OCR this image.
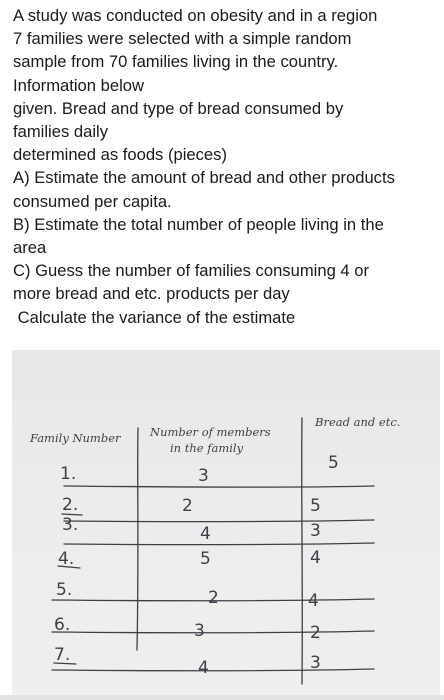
A study was conducted on obesity and in a region
7 families were selected with a simple random
sample from 70 families living in the country.
Information below
given. Bread and type of bread consumed by
families daily
determined as foods (pieces)
A) Estimate the amount of bread and other products
consumed per capita.
B) Estimate the total number of people living in the
area
C) Guess the number of families consuming 4 or
more bread and etc. products per day
Calculate the variance of the estimate
Family Number	Number of members
in the family
Bread and etc.
1.
2.
3.
4.
5.
6.
7.
3
2
4
5
2
3
4
5
5
3
4
4
2
3
